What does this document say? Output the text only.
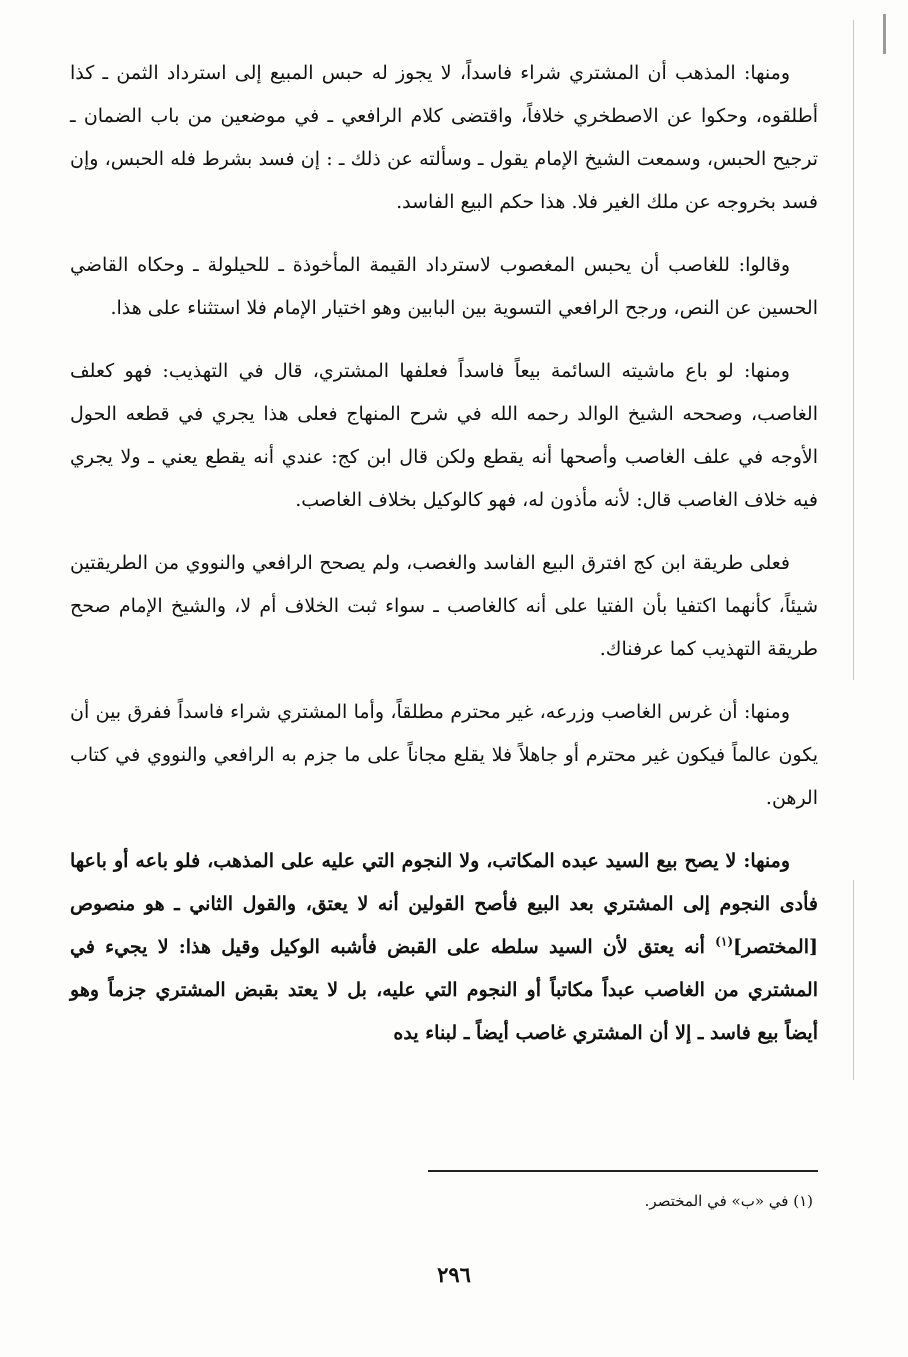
ومنها: المذهب أن المشتري شراء فاسداً، لا يجوز له حبس المبيع إلى استرداد الثمن ـ كذا أطلقوه، وحكوا عن الاصطخري خلافاً، واقتضى كلام الرافعي ـ في موضعين من باب الضمان ـ ترجيح الحبس، وسمعت الشيخ الإمام يقول ـ وسألته عن ذلك ـ : إن فسد بشرط فله الحبس، وإن فسد بخروجه عن ملك الغير فلا. هذا حكم البيع الفاسد.

وقالوا: للغاصب أن يحبس المغصوب لاسترداد القيمة المأخوذة ـ للحيلولة ـ وحكاه القاضي الحسين عن النص، ورجح الرافعي التسوية بين البابين وهو اختيار الإمام فلا استثناء على هذا.

ومنها: لو باع ماشيته السائمة بيعاً فاسداً فعلفها المشتري، قال في التهذيب: فهو كعلف الغاصب، وصححه الشيخ الوالد رحمه الله في شرح المنهاج فعلى هذا يجري في قطعه الحول الأوجه في علف الغاصب وأصحها أنه يقطع ولكن قال ابن كج: عندي أنه يقطع يعني ـ ولا يجري فيه خلاف الغاصب قال: لأنه مأذون له، فهو كالوكيل بخلاف الغاصب.

فعلى طريقة ابن كج افترق البيع الفاسد والغصب، ولم يصحح الرافعي والنووي من الطريقتين شيئاً، كأنهما اكتفيا بأن الفتيا على أنه كالغاصب ـ سواء ثبت الخلاف أم لا، والشيخ الإمام صحح طريقة التهذيب كما عرفناك.

ومنها: أن غرس الغاصب وزرعه، غير محترم مطلقاً، وأما المشتري شراء فاسداً ففرق بين أن يكون عالماً فيكون غير محترم أو جاهلاً فلا يقلع مجاناً على ما جزم به الرافعي والنووي في كتاب الرهن.

ومنها: لا يصح بيع السيد عبده المكاتب، ولا النجوم التي عليه على المذهب، فلو باعه أو باعها فأدى النجوم إلى المشتري بعد البيع فأصح القولين أنه لا يعتق، والقول الثاني ـ هو منصوص [المختصر]$^{(١)}$ أنه يعتق لأن السيد سلطه على القبض فأشبه الوكيل وقيل هذا: لا يجيء في المشتري من الغاصب عبداً مكاتباً أو النجوم التي عليه، بل لا يعتد بقبض المشتري جزماً وهو أيضاً بيع فاسد ـ إلا أن المشتري غاصب أيضاً ـ لبناء يده

(١) في «ب» في المختصر.
٢٩٦
